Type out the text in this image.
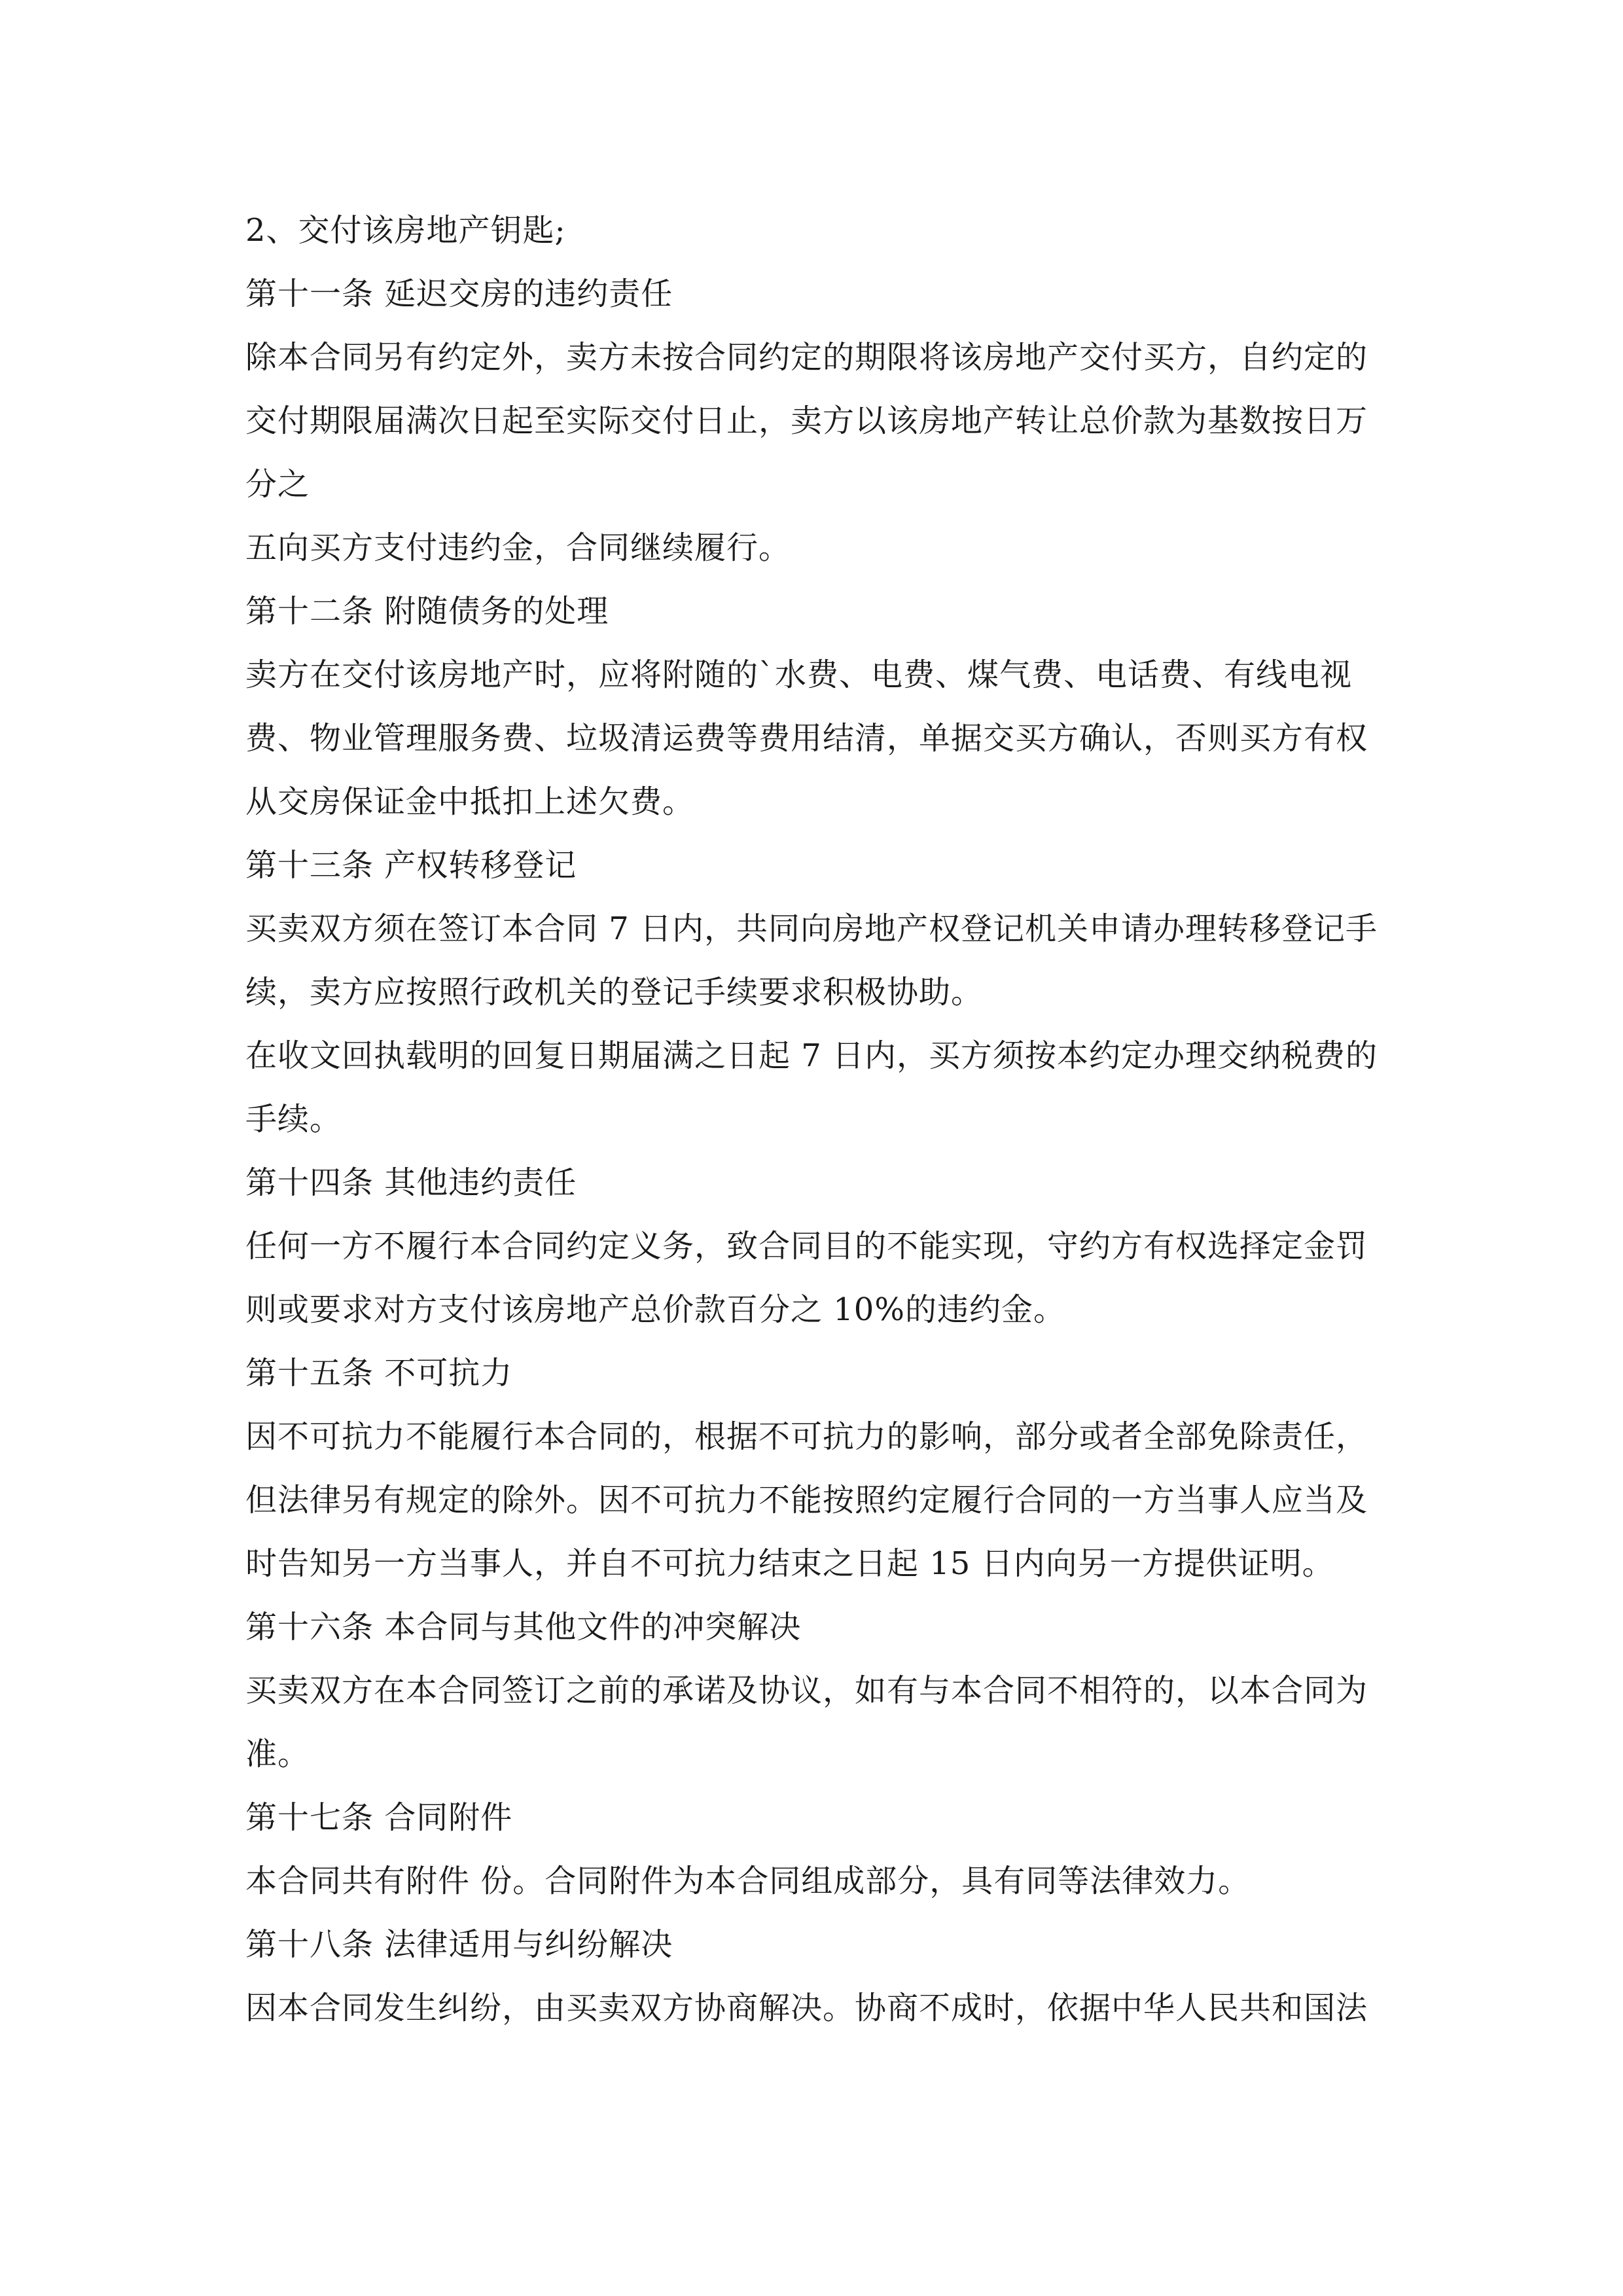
2、交付该房地产钥匙;
第十一条 延迟交房的违约责任
除本合同另有约定外，卖方未按合同约定的期限将该房地产交付买方，自约定的
交付期限届满次日起至实际交付日止，卖方以该房地产转让总价款为基数按日万
分之
五向买方支付违约金，合同继续履行。
第十二条 附随债务的处理
卖方在交付该房地产时，应将附随的`水费、电费、煤气费、电话费、有线电视
费、物业管理服务费、垃圾清运费等费用结清，单据交买方确认，否则买方有权
从交房保证金中抵扣上述欠费。
第十三条 产权转移登记
买卖双方须在签订本合同 7 日内，共同向房地产权登记机关申请办理转移登记手
续，卖方应按照行政机关的登记手续要求积极协助。
在收文回执载明的回复日期届满之日起 7 日内，买方须按本约定办理交纳税费的
手续。
第十四条 其他违约责任
任何一方不履行本合同约定义务，致合同目的不能实现，守约方有权选择定金罚
则或要求对方支付该房地产总价款百分之 10%的违约金。
第十五条 不可抗力
因不可抗力不能履行本合同的，根据不可抗力的影响，部分或者全部免除责任，
但法律另有规定的除外。因不可抗力不能按照约定履行合同的一方当事人应当及
时告知另一方当事人，并自不可抗力结束之日起 15 日内向另一方提供证明。
第十六条 本合同与其他文件的冲突解决
买卖双方在本合同签订之前的承诺及协议，如有与本合同不相符的，以本合同为
准。
第十七条 合同附件
本合同共有附件 份。合同附件为本合同组成部分，具有同等法律效力。
第十八条 法律适用与纠纷解决
因本合同发生纠纷，由买卖双方协商解决。协商不成时，依据中华人民共和国法
